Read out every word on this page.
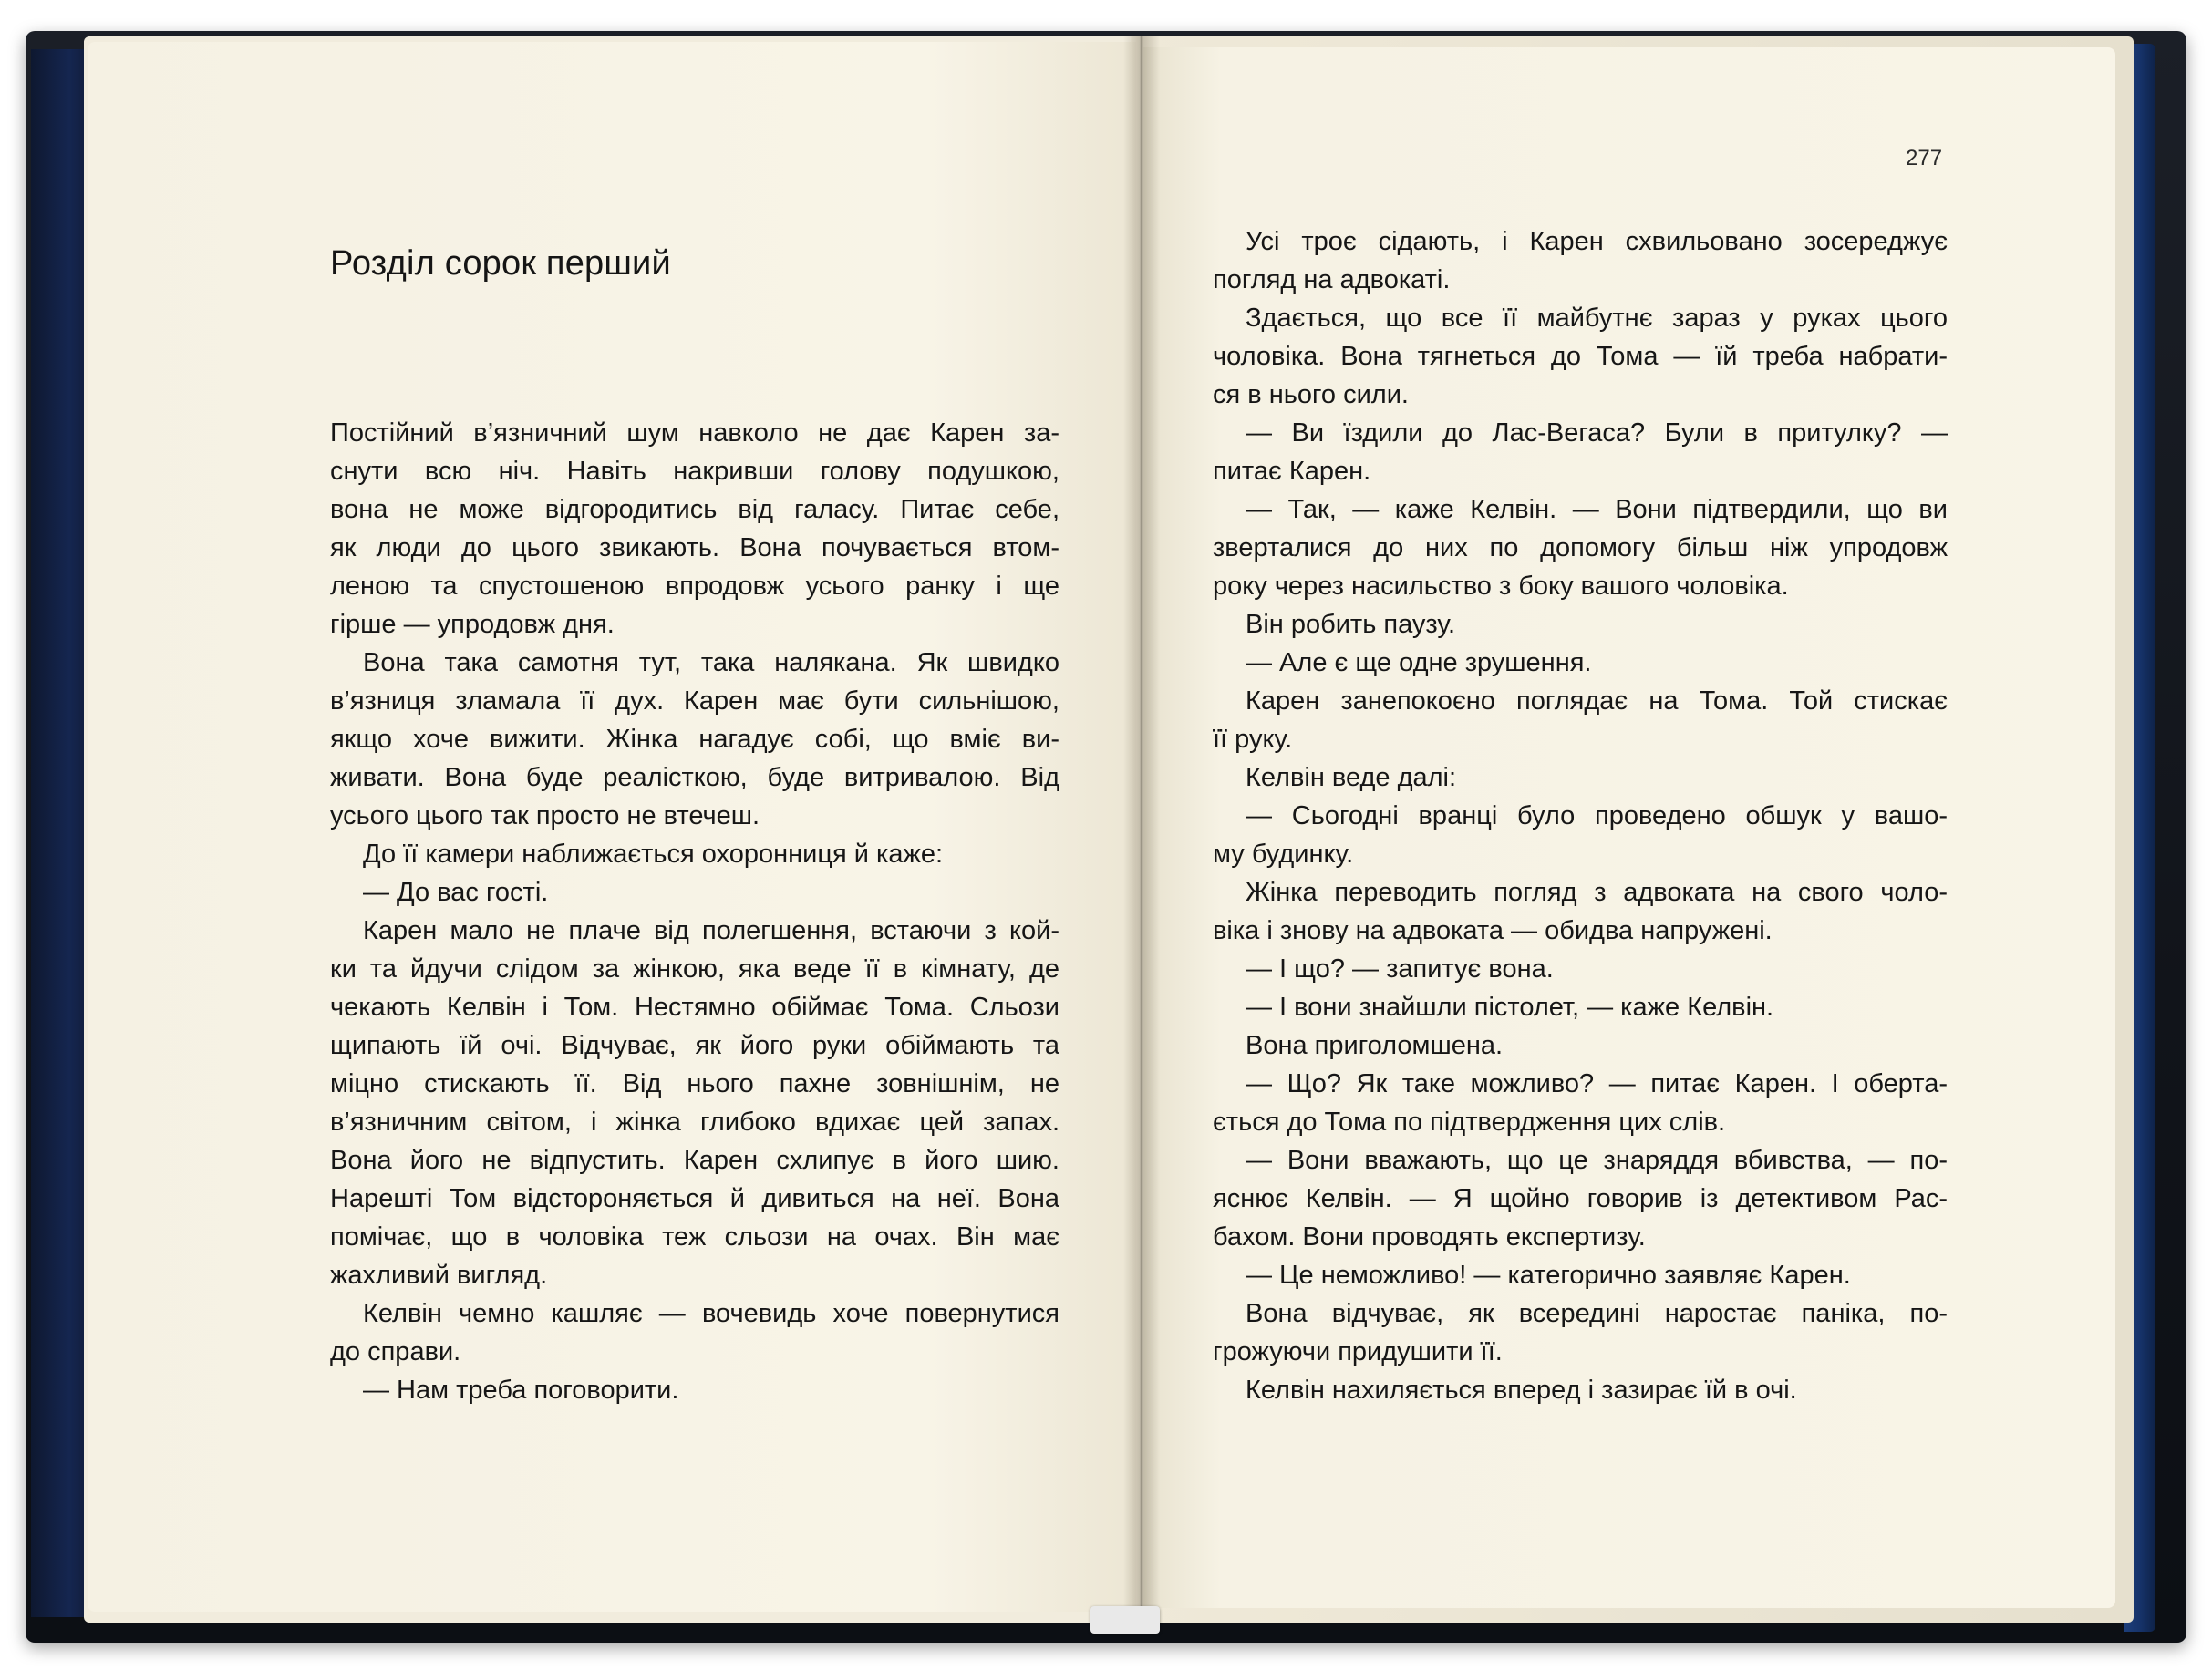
Розділ сорок перший
Постійний в’язничний шум навколо не дає Карен за-
снути всю ніч. Навіть накривши голову подушкою,
вона не може відгородитись від галасу. Питає себе,
як люди до цього звикають. Вона почувається втом-
леною та спустошеною впродовж усього ранку і ще
гірше — упродовж дня.
Вона така самотня тут, така налякана. Як швидко
в’язниця зламала її дух. Карен має бути сильнішою,
якщо хоче вижити. Жінка нагадує собі, що вміє ви-
живати. Вона буде реалісткою, буде витривалою. Від
усього цього так просто не втечеш.
До її камери наближається охоронниця й каже:
— До вас гості.
Карен мало не плаче від полегшення, встаючи з кой-
ки та йдучи слідом за жінкою, яка веде її в кімнату, де
чекають Келвін і Том. Нестямно обіймає Тома. Сльози
щипають їй очі. Відчуває, як його руки обіймають та
міцно стискають її. Від нього пахне зовнішнім, не
в’язничним світом, і жінка глибоко вдихає цей запах.
Вона його не відпустить. Карен схлипує в його шию.
Нарешті Том відстороняється й дивиться на неї. Вона
помічає, що в чоловіка теж сльози на очах. Він має
жахливий вигляд.
Келвін чемно кашляє — вочевидь хоче повернутися
до справи.
— Нам треба поговорити.
277
Усі троє сідають, і Карен схвильовано зосереджує
погляд на адвокаті.
Здається, що все її майбутнє зараз у руках цього
чоловіка. Вона тягнеться до Тома — їй треба набрати-
ся в нього сили.
— Ви їздили до Лас-Вегаса? Були в притулку? —
питає Карен.
— Так, — каже Келвін. — Вони підтвердили, що ви
зверталися до них по допомогу більш ніж упродовж
року через насильство з боку вашого чоловіка.
Він робить паузу.
— Але є ще одне зрушення.
Карен занепокоєно поглядає на Тома. Той стискає
її руку.
Келвін веде далі:
— Сьогодні вранці було проведено обшук у вашо-
му будинку.
Жінка переводить погляд з адвоката на свого чоло-
віка і знову на адвоката — обидва напружені.
— І що? — запитує вона.
— І вони знайшли пістолет, — каже Келвін.
Вона приголомшена.
— Що? Як таке можливо? — питає Карен. І оберта-
ється до Тома по підтвердження цих слів.
— Вони вважають, що це знаряддя вбивства, — по-
яснює Келвін. — Я щойно говорив із детективом Рас-
бахом. Вони проводять експертизу.
— Це неможливо! — категорично заявляє Карен.
Вона відчуває, як всередині наростає паніка, по-
грожуючи придушити її.
Келвін нахиляється вперед і зазирає їй в очі.
